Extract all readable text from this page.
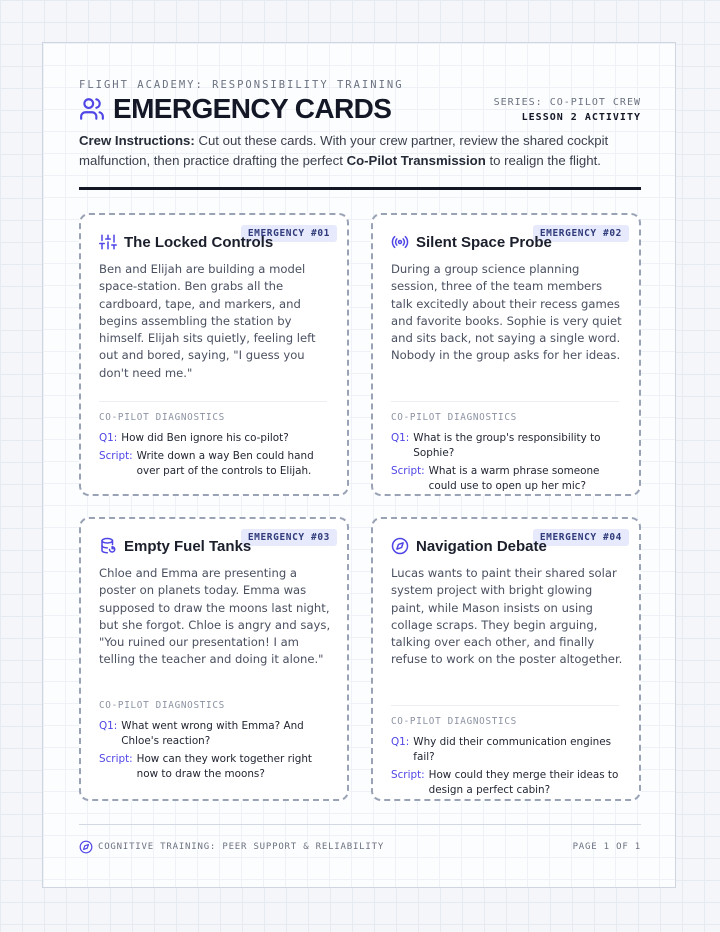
FLIGHT ACADEMY: RESPONSIBILITY TRAINING
EMERGENCY CARDS	SERIES: CO-PILOT CREW
LESSON 2 ACTIVITY
Crew Instructions: Cut out these cards. With your crew partner, review the shared cockpit malfunction, then practice drafting the perfect Co-Pilot Transmission to realign the flight.
EMERGENCY #01
The Locked Controls
Ben and Elijah are building a model space-station. Ben grabs all the cardboard, tape, and markers, and begins assembling the station by himself. Elijah sits quietly, feeling left out and bored, saying, "I guess you don't need me."
CO-PILOT DIAGNOSTICS
Q1: How did Ben ignore his co-pilot?
Script: Write down a way Ben could hand over part of the controls to Elijah.
EMERGENCY #02
Silent Space Probe
During a group science planning session, three of the team members talk excitedly about their recess games and favorite books. Sophie is very quiet and sits back, not saying a single word. Nobody in the group asks for her ideas.
CO-PILOT DIAGNOSTICS
Q1: What is the group's responsibility to Sophie?
Script: What is a warm phrase someone could use to open up her mic?
EMERGENCY #03
Empty Fuel Tanks
Chloe and Emma are presenting a poster on planets today. Emma was supposed to draw the moons last night, but she forgot. Chloe is angry and says, "You ruined our presentation! I am telling the teacher and doing it alone."
CO-PILOT DIAGNOSTICS
Q1: What went wrong with Emma? And Chloe's reaction?
Script: How can they work together right now to draw the moons?
EMERGENCY #04
Navigation Debate
Lucas wants to paint their shared solar system project with bright glowing paint, while Mason insists on using collage scraps. They begin arguing, talking over each other, and finally refuse to work on the poster altogether.
CO-PILOT DIAGNOSTICS
Q1: Why did their communication engines fail?
Script: How could they merge their ideas to design a perfect cabin?
COGNITIVE TRAINING: PEER SUPPORT & RELIABILITY	PAGE 1 OF 1
